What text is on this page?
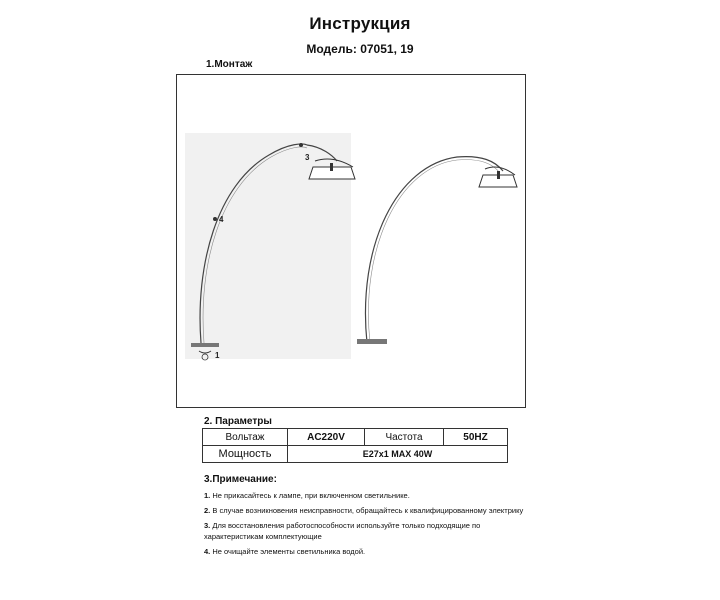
Инструкция
Модель: 07051, 19
1.Монтаж
3
4
1
2. Параметры
Вольтаж	AC220V	Частота	50HZ
Мощность	E27x1 MAX 40W		
3.Примечание:
1. Не прикасайтесь к лампе, при включенном светильнике.
2. В случае возникновения неисправности, обращайтесь к квалифицированному электрику
3. Для восстановления работоспособности используйте только подходящие по характеристикам комплектующие
4. Не очищайте элементы светильника водой.
